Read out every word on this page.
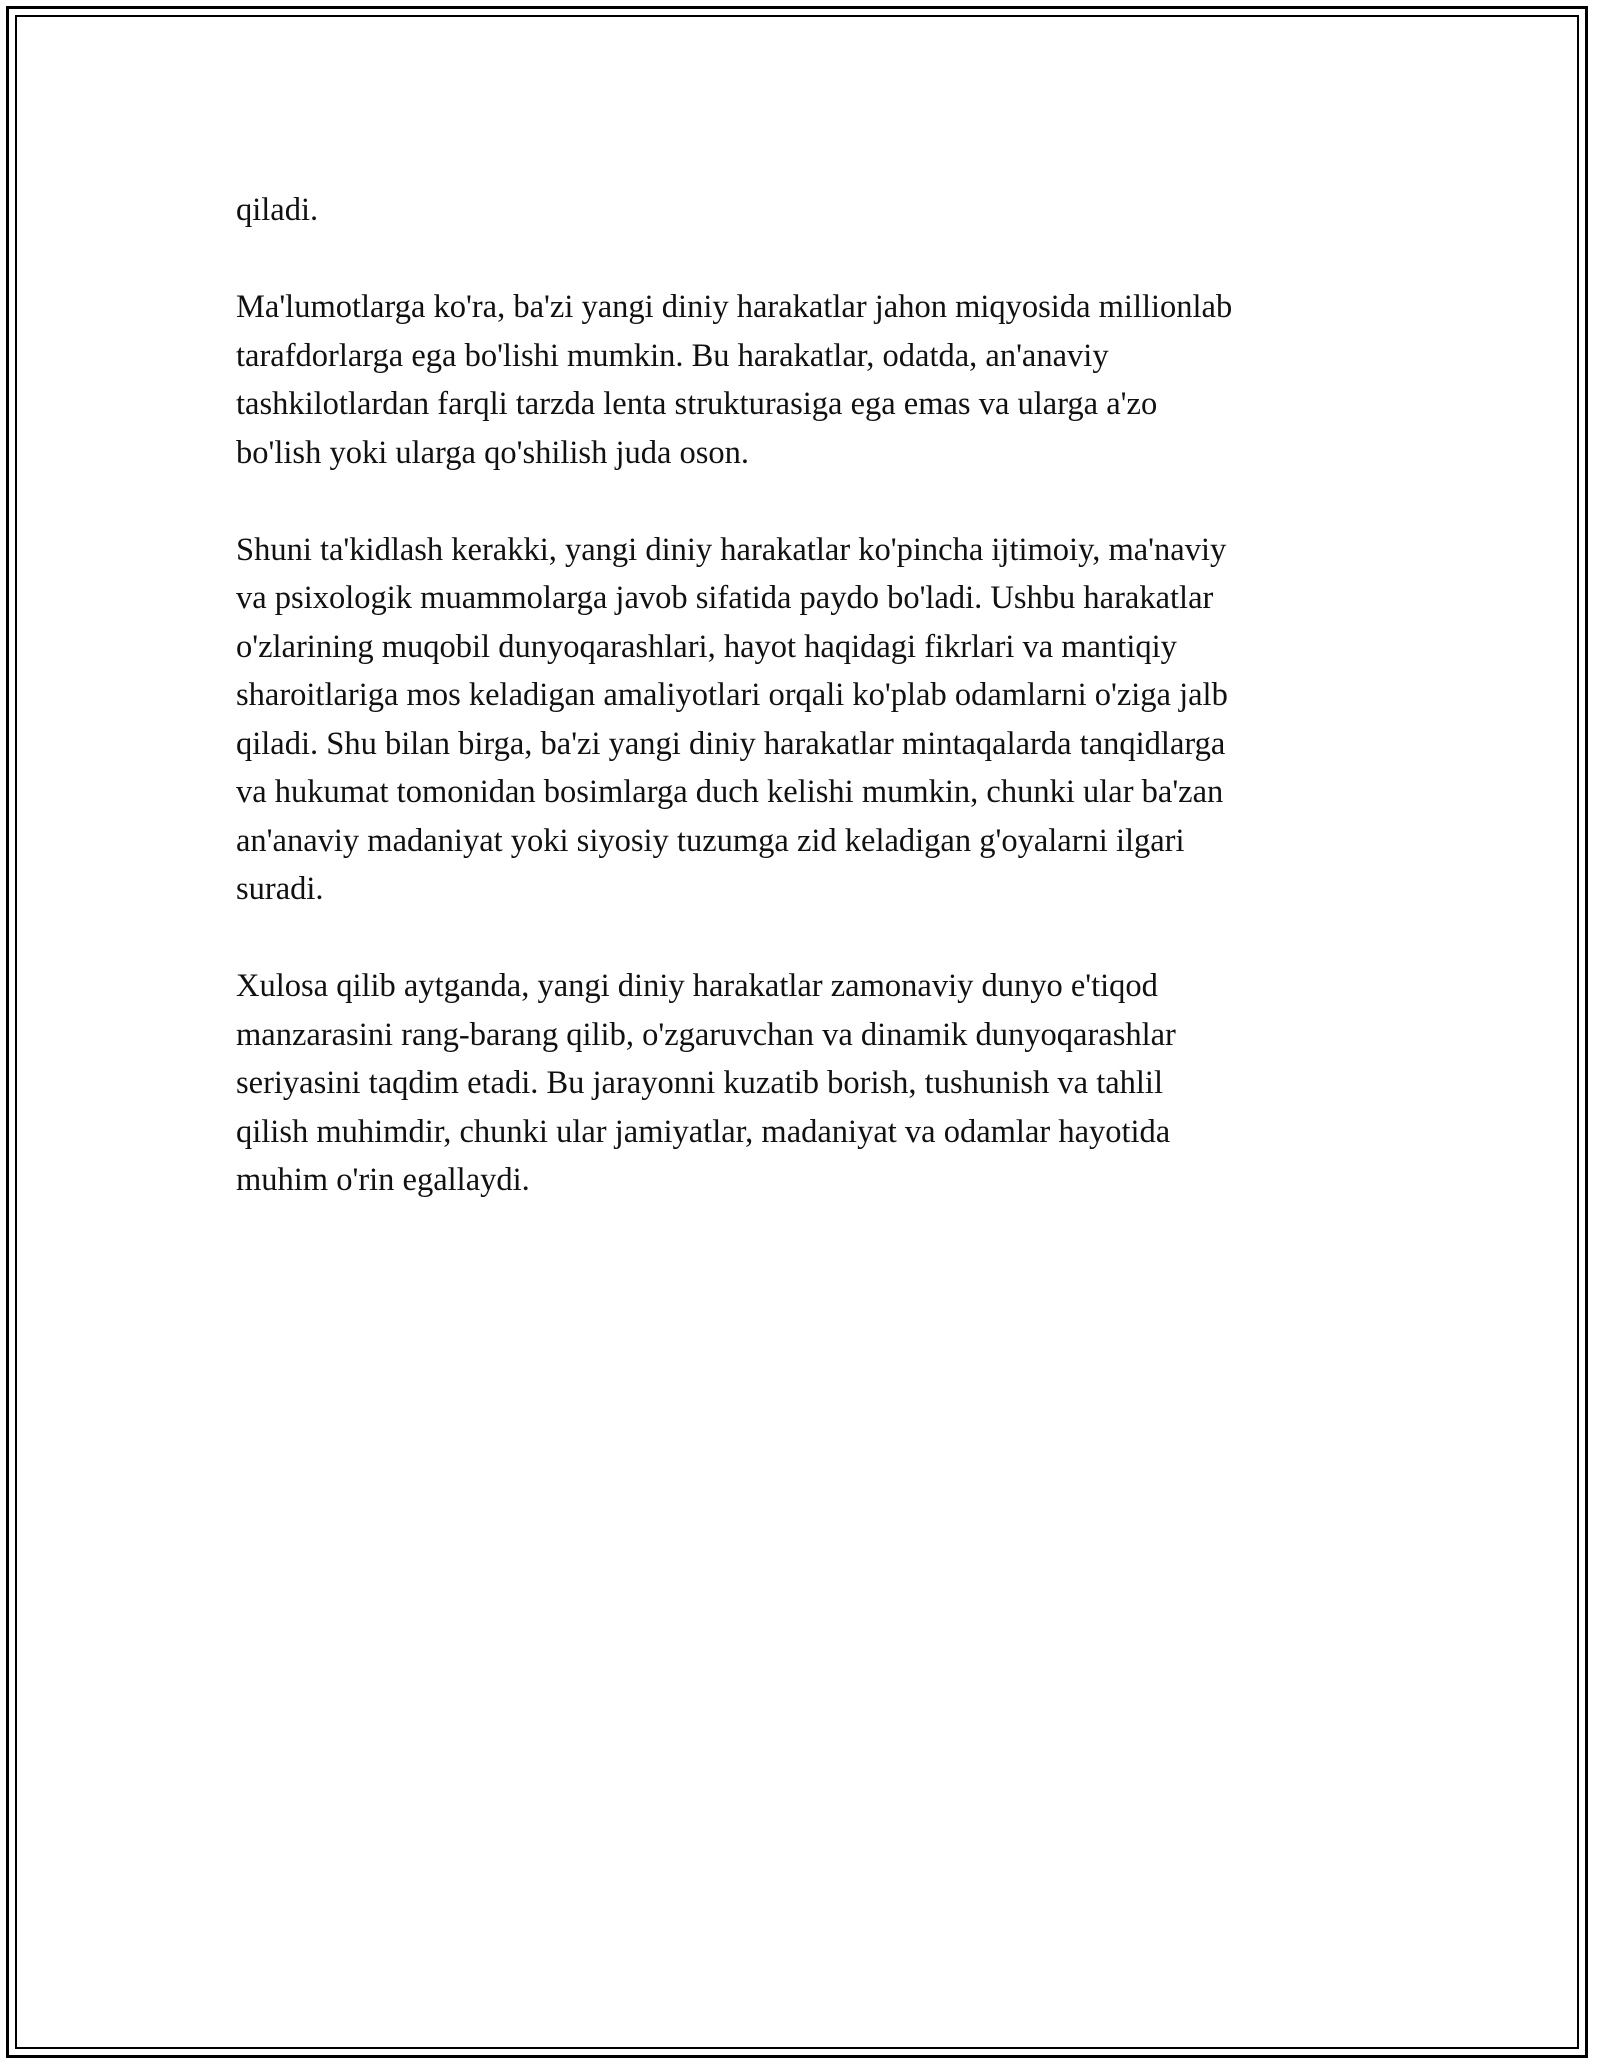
qiladi.

Ma'lumotlarga ko'ra, ba'zi yangi diniy harakatlar jahon miqyosida millionlab
tarafdorlarga ega bo'lishi mumkin. Bu harakatlar, odatda, an'anaviy
tashkilotlardan farqli tarzda lenta strukturasiga ega emas va ularga a'zo
bo'lish yoki ularga qo'shilish juda oson.

Shuni ta'kidlash kerakki, yangi diniy harakatlar ko'pincha ijtimoiy, ma'naviy
va psixologik muammolarga javob sifatida paydo bo'ladi. Ushbu harakatlar
o'zlarining muqobil dunyoqarashlari, hayot haqidagi fikrlari va mantiqiy
sharoitlariga mos keladigan amaliyotlari orqali ko'plab odamlarni o'ziga jalb
qiladi. Shu bilan birga, ba'zi yangi diniy harakatlar mintaqalarda tanqidlarga
va hukumat tomonidan bosimlarga duch kelishi mumkin, chunki ular ba'zan
an'anaviy madaniyat yoki siyosiy tuzumga zid keladigan g'oyalarni ilgari
suradi.

Xulosa qilib aytganda, yangi diniy harakatlar zamonaviy dunyo e'tiqod
manzarasini rang-barang qilib, o'zgaruvchan va dinamik dunyoqarashlar
seriyasini taqdim etadi. Bu jarayonni kuzatib borish, tushunish va tahlil
qilish muhimdir, chunki ular jamiyatlar, madaniyat va odamlar hayotida
muhim o'rin egallaydi.
